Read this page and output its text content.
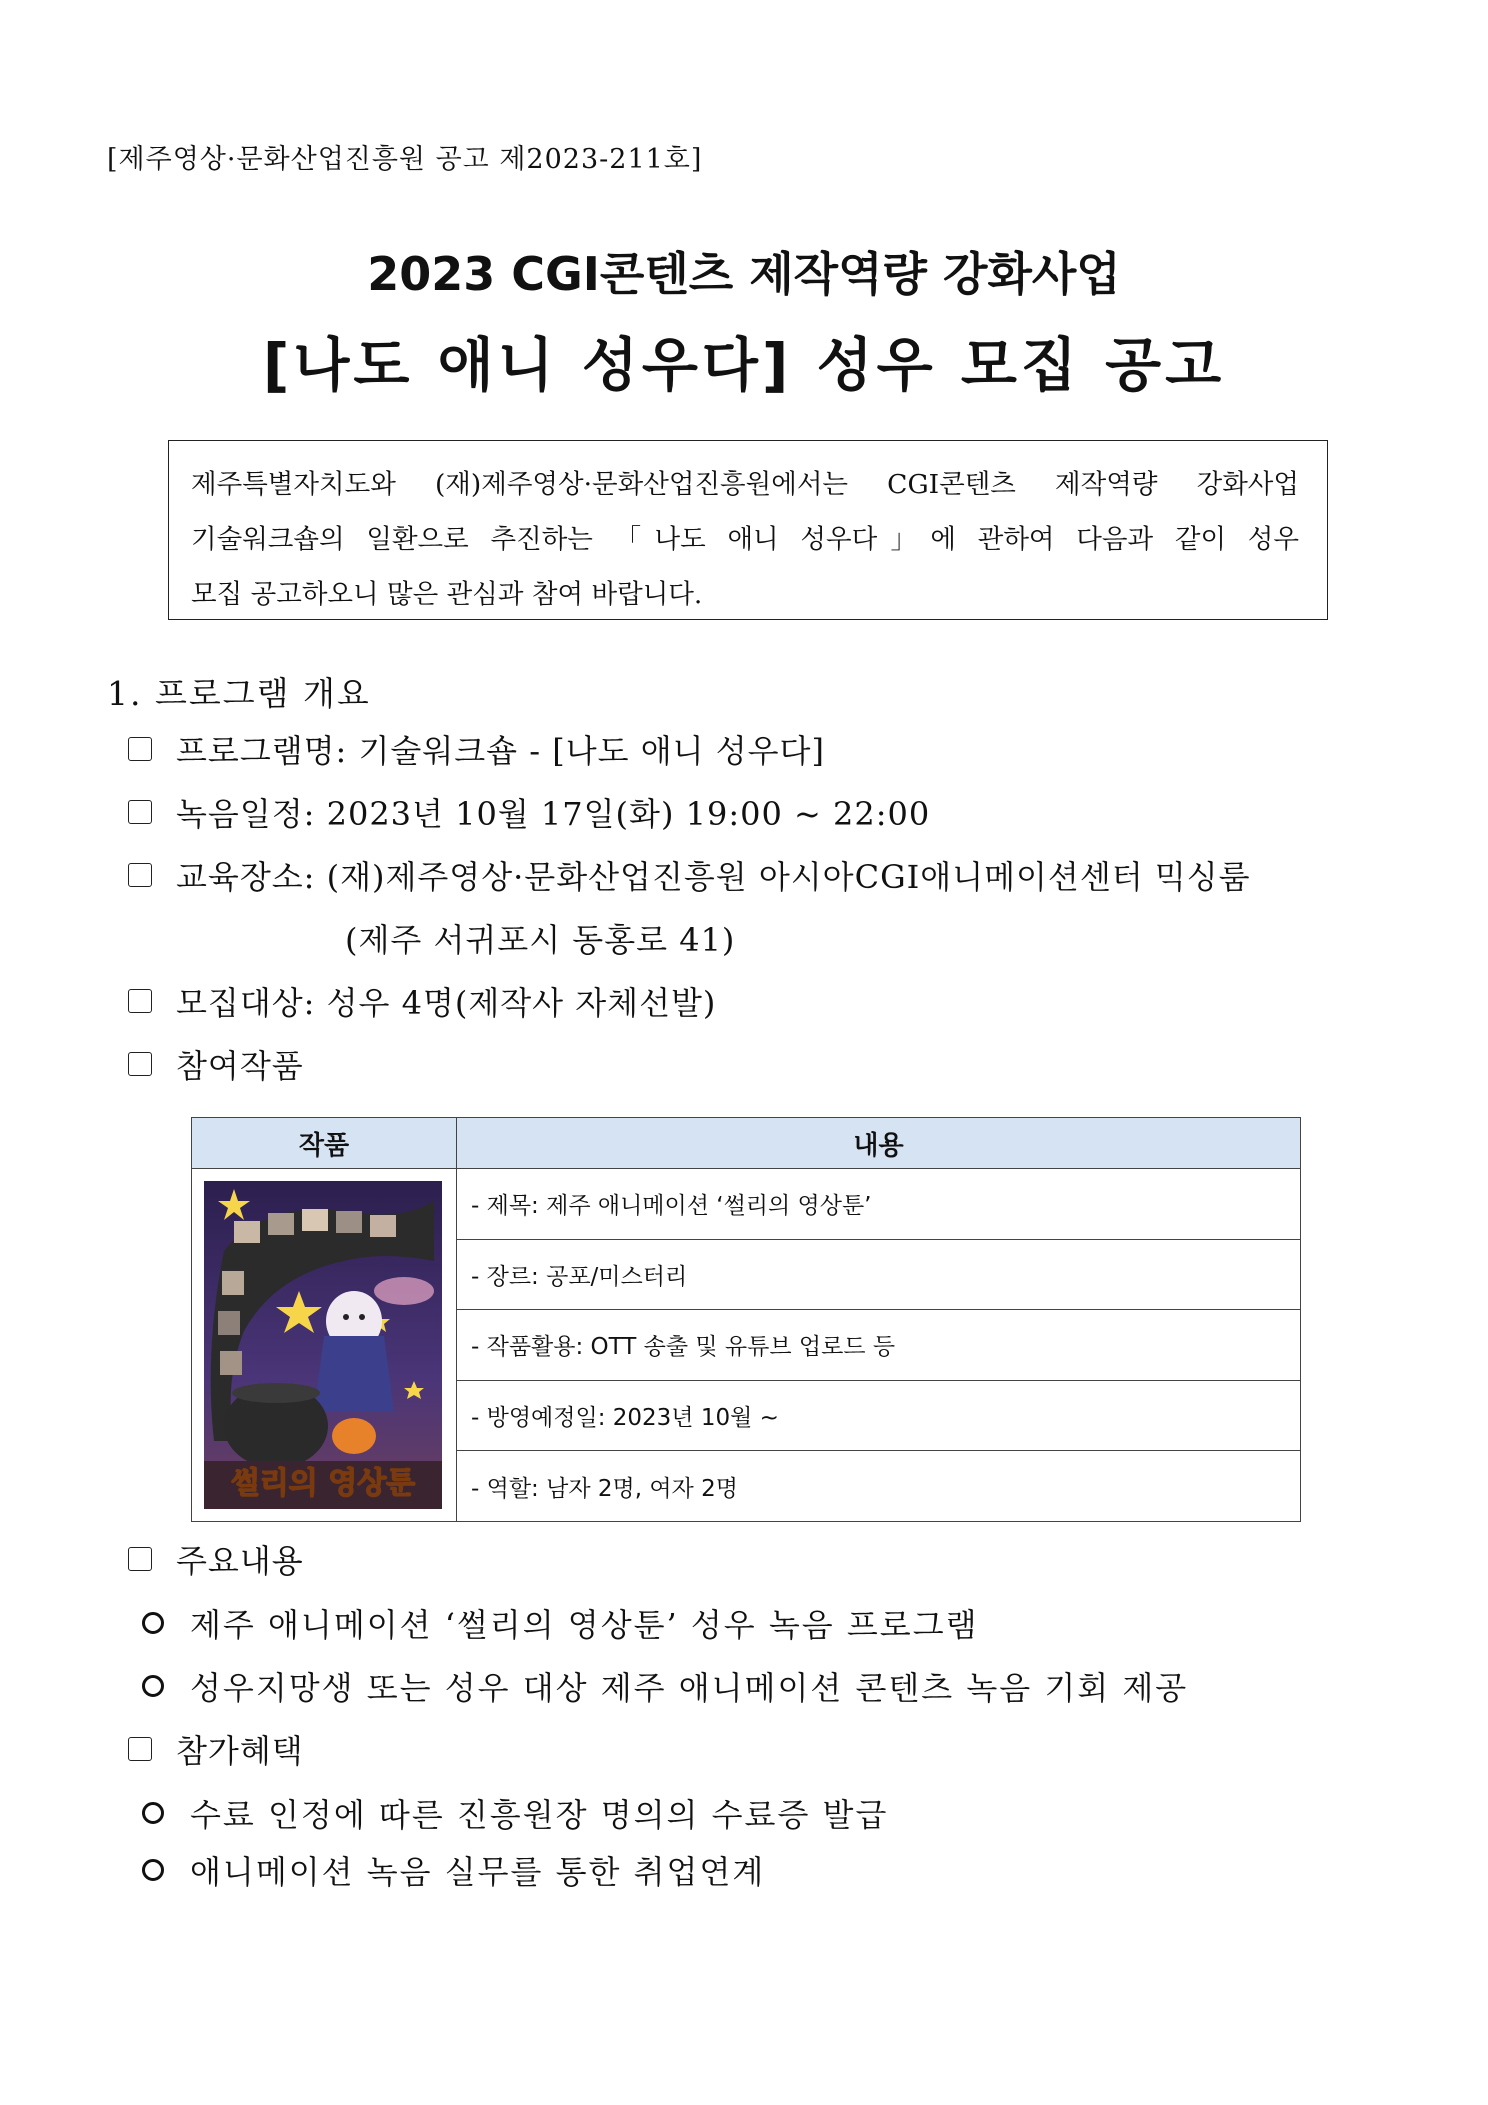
[제주영상·문화산업진흥원 공고 제2023-211호]
2023 CGI콘텐츠 제작역량 강화사업
[나도 애니 성우다] 성우 모집 공고
제주특별자치도와 (재)제주영상·문화산업진흥원에서는 CGI콘텐츠 제작역량 강화사업
기술워크숍의 일환으로 추진하는 「나도 애니 성우다」에 관하여 다음과 같이 성우
모집 공고하오니 많은 관심과 참여 바랍니다.
1. 프로그램 개요
프로그램명: 기술워크숍 - [나도 애니 성우다]
녹음일정: 2023년 10월 17일(화) 19:00 ~ 22:00
교육장소: (재)제주영상·문화산업진흥원 아시아CGI애니메이션센터 믹싱룸
(제주 서귀포시 동홍로 41)
모집대상: 성우 4명(제작사 자체선발)
참여작품
작품	내용

썰리의 영상툰	- 제목: 제주 애니메이션 ‘썰리의 영상툰’
	- 장르: 공포/미스터리
	- 작품활용: OTT 송출 및 유튜브 업로드 등
	- 방영예정일: 2023년 10월 ~
	- 역할: 남자 2명, 여자 2명
주요내용
제주 애니메이션 ‘썰리의 영상툰’ 성우 녹음 프로그램
성우지망생 또는 성우 대상 제주 애니메이션 콘텐츠 녹음 기회 제공
참가혜택
수료 인정에 따른 진흥원장 명의의 수료증 발급
애니메이션 녹음 실무를 통한 취업연계
